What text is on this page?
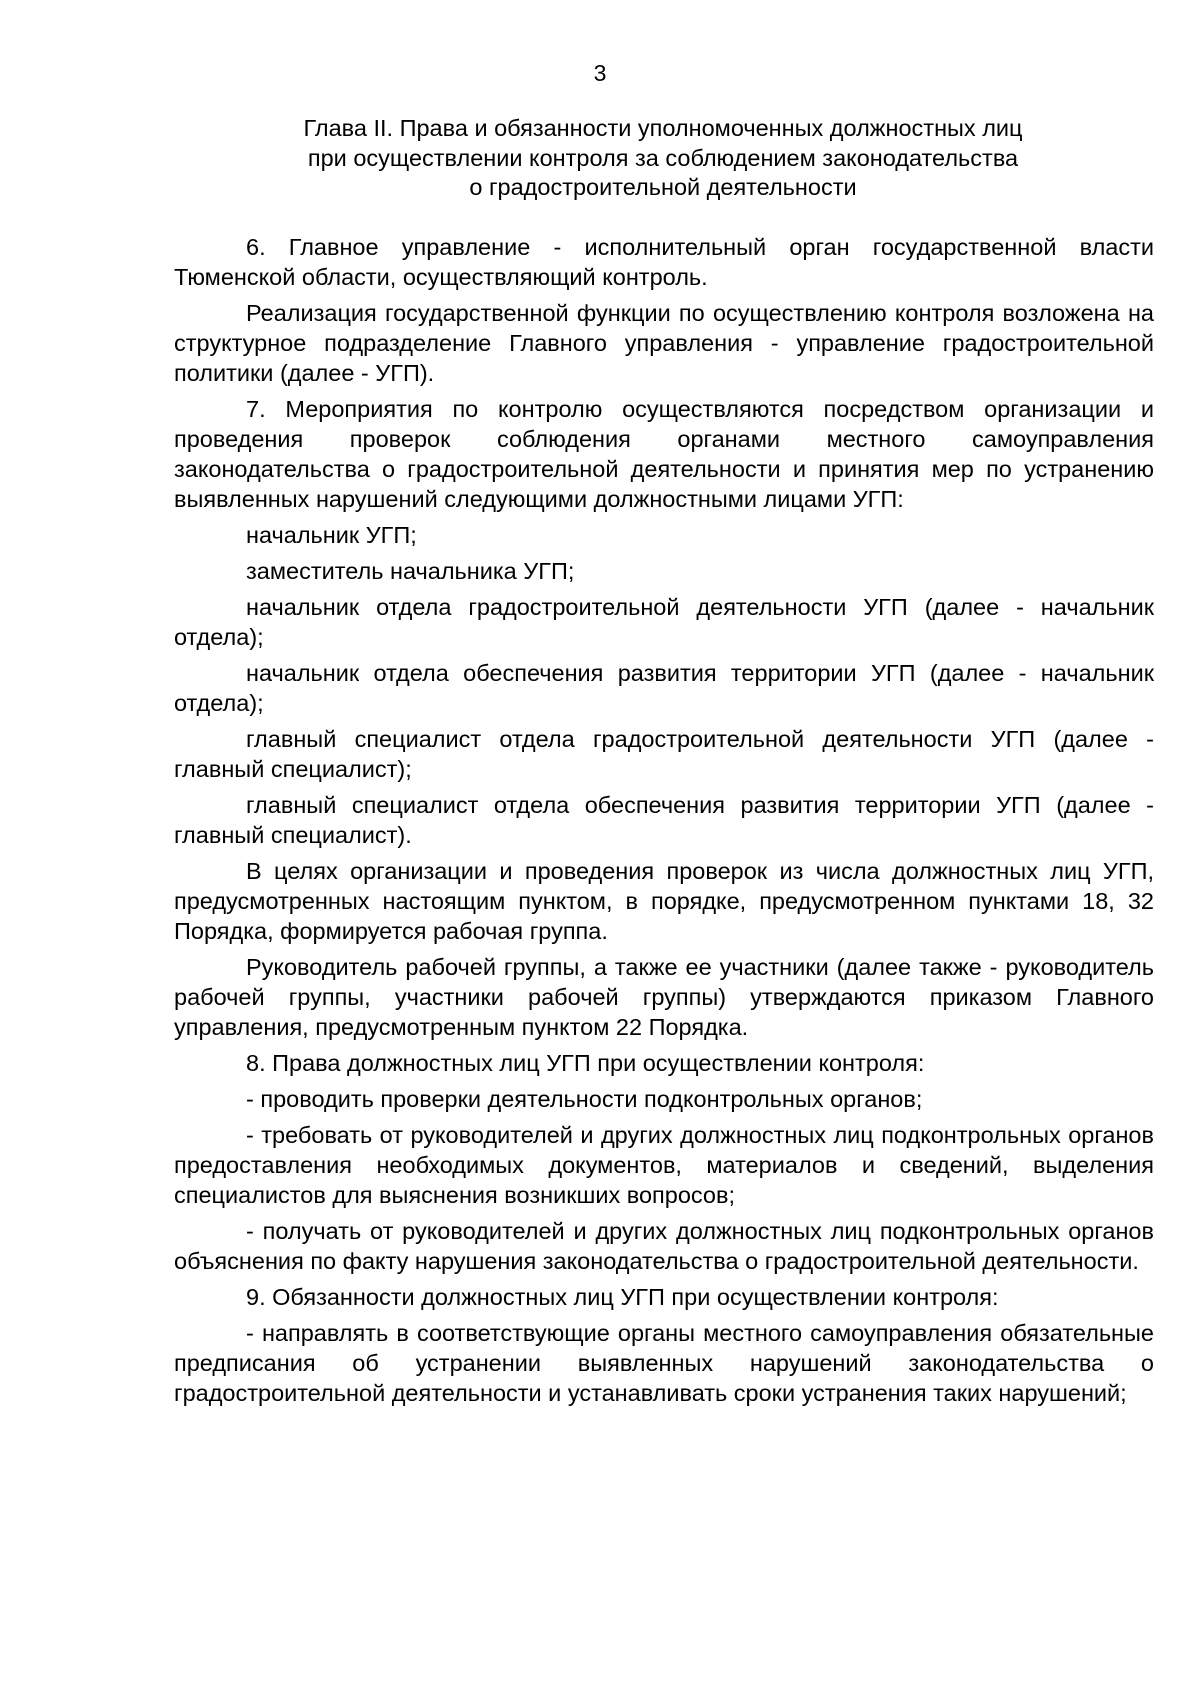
3
Глава II. Права и обязанности уполномоченных должностных лиц
при осуществлении контроля за соблюдением законодательства
о градостроительной деятельности

6. Главное управление - исполнительный орган государственной власти Тюменской области, осуществляющий контроль.

Реализация государственной функции по осуществлению контроля возложена на структурное подразделение Главного управления - управление градостроительной политики (далее - УГП).

7. Мероприятия по контролю осуществляются посредством организации и проведения проверок соблюдения органами местного самоуправления законодательства о градостроительной деятельности и принятия мер по устранению выявленных нарушений следующими должностными лицами УГП:

начальник УГП;

заместитель начальника УГП;

начальник отдела градостроительной деятельности УГП (далее - начальник отдела);

начальник отдела обеспечения развития территории УГП (далее - начальник отдела);

главный специалист отдела градостроительной деятельности УГП (далее - главный специалист);

главный специалист отдела обеспечения развития территории УГП (далее - главный специалист).

В целях организации и проведения проверок из числа должностных лиц УГП, предусмотренных настоящим пунктом, в порядке, предусмотренном пунктами 18, 32 Порядка, формируется рабочая группа.

Руководитель рабочей группы, а также ее участники (далее также - руководитель рабочей группы, участники рабочей группы) утверждаются приказом Главного управления, предусмотренным пунктом 22 Порядка.

8. Права должностных лиц УГП при осуществлении контроля:

- проводить проверки деятельности подконтрольных органов;

- требовать от руководителей и других должностных лиц подконтрольных органов предоставления необходимых документов, материалов и сведений, выделения специалистов для выяснения возникших вопросов;

- получать от руководителей и других должностных лиц подконтрольных органов объяснения по факту нарушения законодательства о градостроительной деятельности.

9. Обязанности должностных лиц УГП при осуществлении контроля:

- направлять в соответствующие органы местного самоуправления обязательные предписания об устранении выявленных нарушений законодательства о градостроительной деятельности и устанавливать сроки устранения таких нарушений;
